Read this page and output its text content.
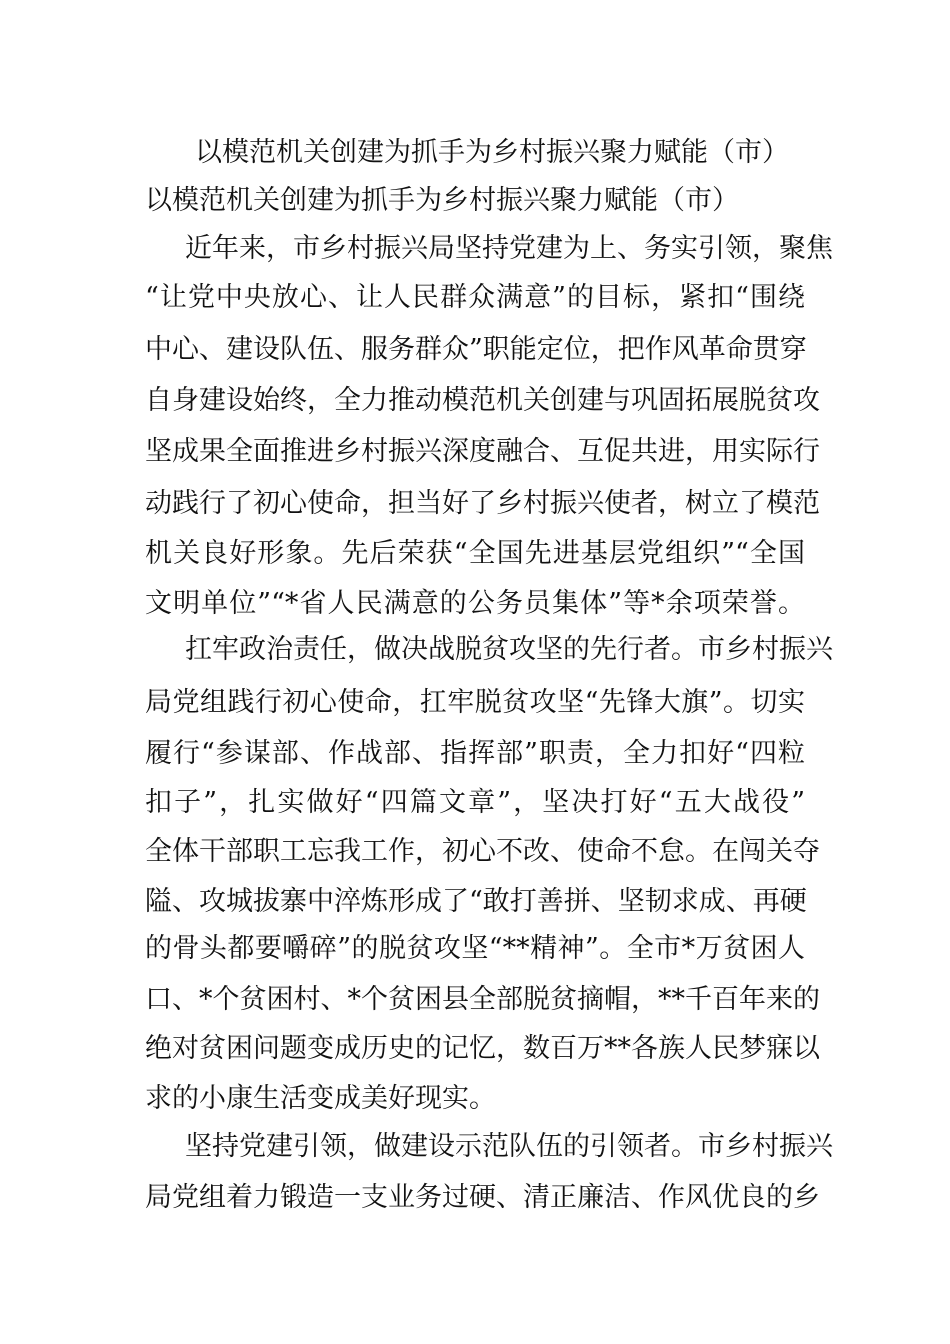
以模范机关创建为抓手为乡村振兴聚力赋能（市）
以模范机关创建为抓手为乡村振兴聚力赋能（市）
近年来，市乡村振兴局坚持党建为上、务实引领，聚焦
“让党中央放心、让人民群众满意”的目标，紧扣“围绕
中心、建设队伍、服务群众”职能定位，把作风革命贯穿
自身建设始终，全力推动模范机关创建与巩固拓展脱贫攻
坚成果全面推进乡村振兴深度融合、互促共进，用实际行
动践行了初心使命，担当好了乡村振兴使者，树立了模范
机关良好形象。先后荣获“全国先进基层党组织”“全国
文明单位”“*省人民满意的公务员集体”等*余项荣誉。
扛牢政治责任，做决战脱贫攻坚的先行者。市乡村振兴
局党组践行初心使命，扛牢脱贫攻坚“先锋大旗”。切实
履行“参谋部、作战部、指挥部”职责，全力扣好“四粒
扣子”，扎实做好“四篇文章”，坚决打好“五大战役”
全体干部职工忘我工作，初心不改、使命不怠。在闯关夺
隘、攻城拔寨中淬炼形成了“敢打善拼、坚韧求成、再硬
的骨头都要嚼碎”的脱贫攻坚“**精神”。全市*万贫困人
口、*个贫困村、*个贫困县全部脱贫摘帽，**千百年来的
绝对贫困问题变成历史的记忆，数百万**各族人民梦寐以
求的小康生活变成美好现实。
坚持党建引领，做建设示范队伍的引领者。市乡村振兴
局党组着力锻造一支业务过硬、清正廉洁、作风优良的乡
